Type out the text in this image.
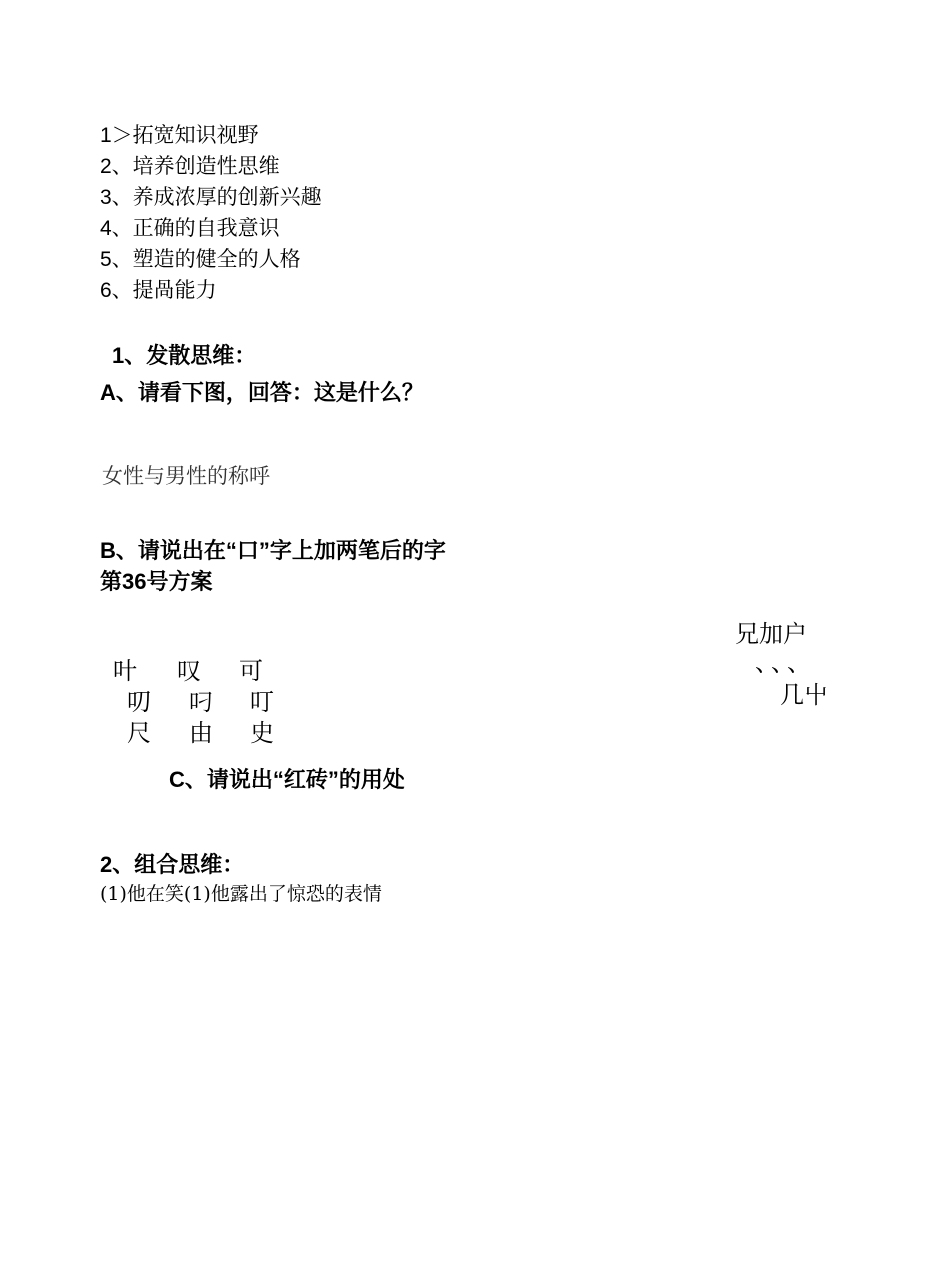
1＞拓宽知识视野
2、培养创造性思维
3、养成浓厚的创新兴趣
4、正确的自我意识
5、塑造的健全的人格
6、提咼能力
1、发散思维：
A、请看下图，回答：这是什么？
女性与男性的称呼
B、请说出在“口”字上加两笔后的字
第36号方案
叶 叹 可
叨 叼 叮
尺 由 史
兄加户
、、、
几屮
C、请说出“红砖”的用处
2、组合思维：
(1)他在笑(1)他露出了惊恐的表情
